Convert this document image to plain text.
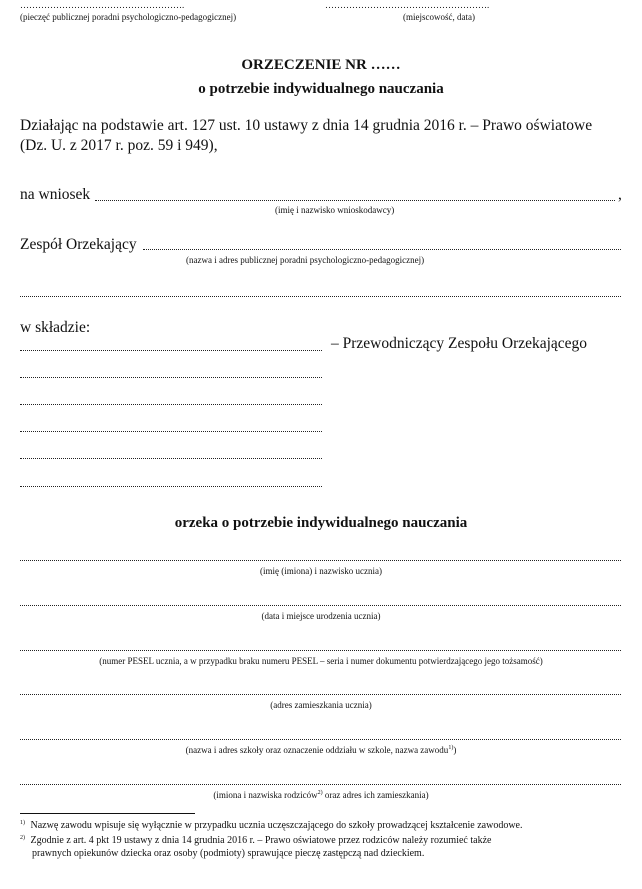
……………………………………………….
(pieczęć publicznej poradni psychologiczno-pedagogicznej)
……………………………………………….
(miejscowość, data)
ORZECZENIE NR ……
o potrzebie indywidualnego nauczania
Działając na podstawie art. 127 ust. 10 ustawy z dnia 14 grudnia 2016 r. – Prawo oświatowe
(Dz. U. z 2017 r. poz. 59 i 949),
na wniosek	,
(imię i nazwisko wnioskodawcy)
Zespół Orzekający
(nazwa i adres publicznej poradni psychologiczno-pedagogicznej)
w składzie:
– Przewodniczący Zespołu Orzekającego
orzeka o potrzebie indywidualnego nauczania
(imię (imiona) i nazwisko ucznia)
(data i miejsce urodzenia ucznia)
(numer PESEL ucznia, a w przypadku braku numeru PESEL – seria i numer dokumentu potwierdzającego jego tożsamość)
(adres zamieszkania ucznia)
(nazwa i adres szkoły oraz oznaczenie oddziału w szkole, nazwa zawodu$^{1)}$)
(imiona i nazwiska rodziców$^{2)}$ oraz adres ich zamieszkania)
$^{1)}$ Nazwę zawodu wpisuje się wyłącznie w przypadku ucznia uczęszczającego do szkoły prowadzącej kształcenie zawodowe.
$^{2)}$ Zgodnie z art. 4 pkt 19 ustawy z dnia 14 grudnia 2016 r. – Prawo oświatowe przez rodziców należy rozumieć także
prawnych opiekunów dziecka oraz osoby (podmioty) sprawujące pieczę zastępczą nad dzieckiem.
